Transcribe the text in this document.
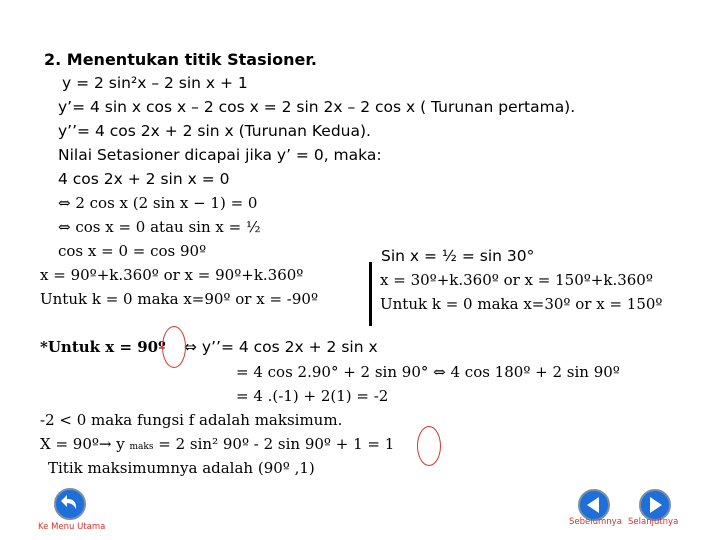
2. Menentukan titik Stasioner.
y = 2 sin²x – 2 sin x + 1
y’= 4 sin x cos x – 2 cos x = 2 sin 2x – 2 cos x ( Turunan pertama).
y’’= 4 cos 2x + 2 sin x (Turunan Kedua).
Nilai Setasioner dicapai jika y’ = 0, maka:
4 cos 2x + 2 sin x = 0
⇔ 2 cos x (2 sin x − 1) = 0
⇔ cos x = 0 atau sin x = ½
cos x = 0 = cos 90º	Sin x = ½ = sin 30°
x = 90º+k.360º or x = 90º+k.360º	x = 30º+k.360º or x = 150º+k.360º
Untuk k = 0 maka x=90º or x = -90º	Untuk k = 0 maka x=30º or x = 150º
*Untuk x = 90º ⇔ y’’= 4 cos 2x + 2 sin x
= 4 cos 2.90° + 2 sin 90° ⇔ 4 cos 180º + 2 sin 90º
= 4 .(-1) + 2(1) = -2
-2 < 0 maka fungsi f adalah maksimum.
X = 90º→ y maks = 2 sin² 90º - 2 sin 90º + 1 = 1
Titik maksimumnya adalah (90º ,1)
Ke Menu Utama	Sebelumnya Selanjutnya
